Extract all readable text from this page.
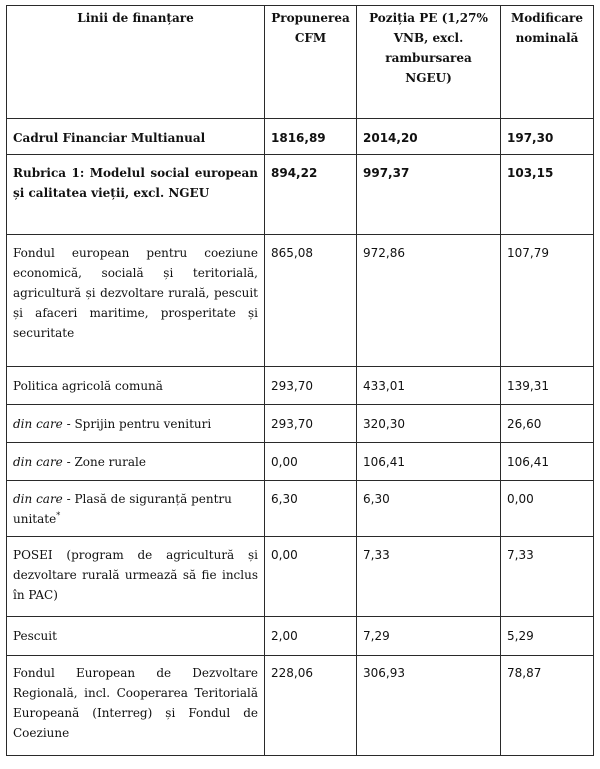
Linii de finanțare	Propunerea CFM	Poziția PE (1,27% VNB, excl. rambursarea NGEU)	Modificare nominală
Cadrul Financiar Multianual	1816,89	2014,20	197,30
Rubrica 1: Modelul social european și calitatea vieții, excl. NGEU	894,22	997,37	103,15
Fondul european pentru coeziune economică, socială și teritorială, agricultură și dezvoltare rurală, pescuit și afaceri maritime, prosperitate și securitate	865,08	972,86	107,79
Politica agricolă comună	293,70	433,01	139,31
din care - Sprijin pentru venituri	293,70	320,30	26,60
din care - Zone rurale	0,00	106,41	106,41
din care - Plasă de siguranță pentru unitate*	6,30	6,30	0,00
POSEI (program de agricultură și dezvoltare rurală urmează să fie inclus în PAC)	0,00	7,33	7,33
Pescuit	2,00	7,29	5,29
Fondul European de Dezvoltare Regională, incl. Cooperarea Teritorială Europeană (Interreg) și Fondul de Coeziune	228,06	306,93	78,87
